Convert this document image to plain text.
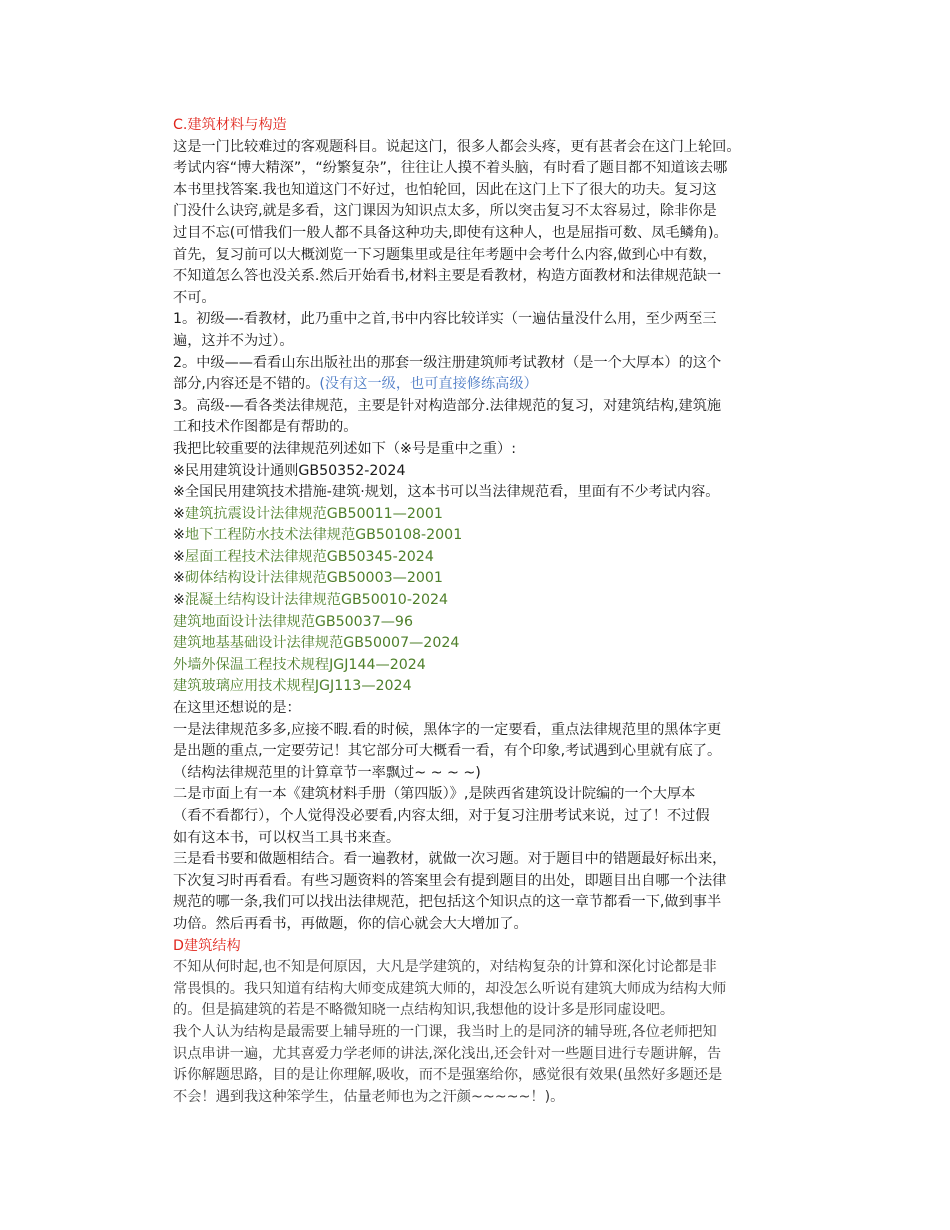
C.建筑材料与构造
这是一门比较难过的客观题科目。说起这门，很多人都会头疼，更有甚者会在这门上轮回。
考试内容“博大精深”，“纷繁复杂”，往往让人摸不着头脑，有时看了题目都不知道该去哪
本书里找答案.我也知道这门不好过，也怕轮回，因此在这门上下了很大的功夫。复习这
门没什么诀窍,就是多看，这门课因为知识点太多，所以突击复习不太容易过，除非你是
过目不忘(可惜我们一般人都不具备这种功夫,即使有这种人，也是屈指可数、凤毛鳞角)。
首先，复习前可以大概浏览一下习题集里或是往年考题中会考什么内容,做到心中有数，
不知道怎么答也没关系.然后开始看书,材料主要是看教材，构造方面教材和法律规范缺一
不可。
1。初级—-看教材，此乃重中之首,书中内容比较详实（一遍估量没什么用，至少两至三
遍，这并不为过）。
2。中级——看看山东出版社出的那套一级注册建筑师考试教材（是一个大厚本）的这个
部分,内容还是不错的。(没有这一级，也可直接修练高级）
3。高级-—看各类法律规范，主要是针对构造部分.法律规范的复习，对建筑结构,建筑施
工和技术作图都是有帮助的。
我把比较重要的法律规范列述如下（※号是重中之重）:
※民用建筑设计通则GB50352-2024
※全国民用建筑技术措施-建筑·规划，这本书可以当法律规范看，里面有不少考试内容。
※建筑抗震设计法律规范GB50011—2001
※地下工程防水技术法律规范GB50108-2001
※屋面工程技术法律规范GB50345-2024
※砌体结构设计法律规范GB50003—2001
※混凝土结构设计法律规范GB50010-2024
建筑地面设计法律规范GB50037—96
建筑地基基础设计法律规范GB50007—2024
外墙外保温工程技术规程JGJ144—2024
建筑玻璃应用技术规程JGJ113—2024
在这里还想说的是：
一是法律规范多多,应接不暇.看的时候，黑体字的一定要看，重点法律规范里的黑体字更
是出题的重点,一定要劳记！其它部分可大概看一看，有个印象,考试遇到心里就有底了。
（结构法律规范里的计算章节一率飘过~ ~ ~ ~)
二是市面上有一本《建筑材料手册（第四版）》,是陕西省建筑设计院编的一个大厚本
（看不看都行），个人觉得没必要看,内容太细，对于复习注册考试来说，过了！不过假
如有这本书，可以权当工具书来查。
三是看书要和做题相结合。看一遍教材，就做一次习题。对于题目中的错题最好标出来，
下次复习时再看看。有些习题资料的答案里会有提到题目的出处，即题目出自哪一个法律
规范的哪一条,我们可以找出法律规范，把包括这个知识点的这一章节都看一下,做到事半
功倍。然后再看书，再做题，你的信心就会大大增加了。
D建筑结构
不知从何时起,也不知是何原因，大凡是学建筑的，对结构复杂的计算和深化讨论都是非
常畏惧的。我只知道有结构大师变成建筑大师的，却没怎么听说有建筑大师成为结构大师
的。但是搞建筑的若是不略微知晓一点结构知识,我想他的设计多是形同虚设吧。
我个人认为结构是最需要上辅导班的一门课，我当时上的是同济的辅导班,各位老师把知
识点串讲一遍，尤其喜爱力学老师的讲法,深化浅出,还会针对一些题目进行专题讲解，告
诉你解题思路，目的是让你理解,吸收，而不是强塞给你，感觉很有效果(虽然好多题还是
不会！遇到我这种笨学生，估量老师也为之汗颜~~~~~！)。
